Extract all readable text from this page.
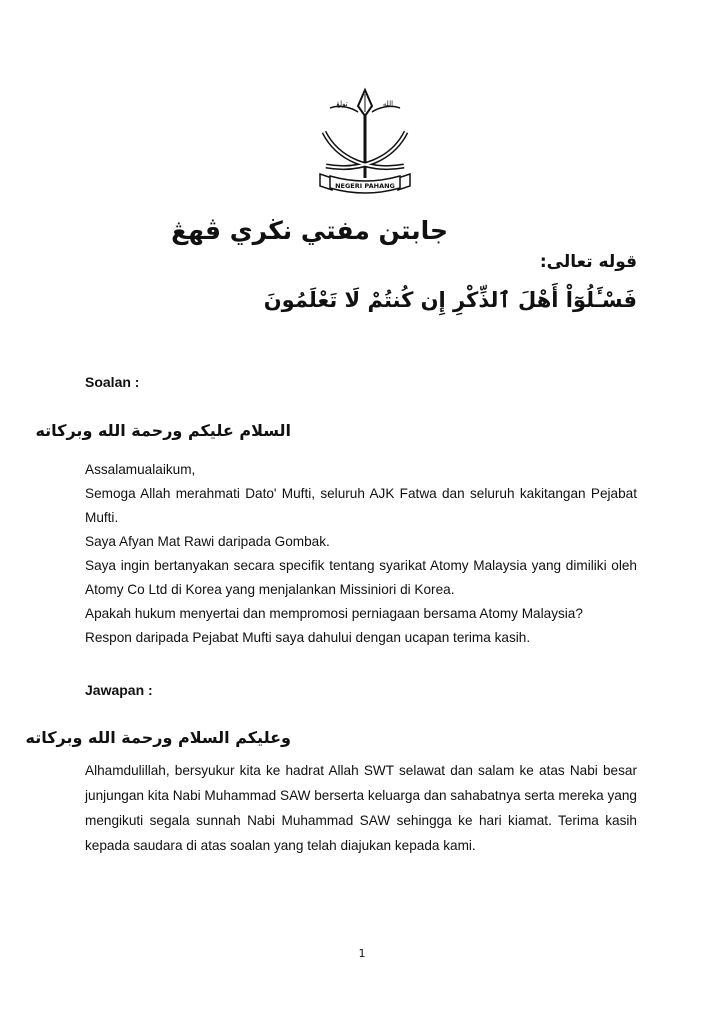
تولڠ	الله
NEGERI PAHANG
جابتن مفتي نڬري ڤهڠ
قوله تعالى:
فَسْـَٔلُوٓاْ أَهْلَ ٱلذِّكْرِ إِن كُنتُمْ لَا تَعْلَمُونَ
Soalan :
السلام عليكم ورحمة الله وبركاته

Assalamualaikum,

Semoga Allah merahmati Dato' Mufti, seluruh AJK Fatwa dan seluruh kakitangan Pejabat Mufti.

Saya Afyan Mat Rawi daripada Gombak.

Saya ingin bertanyakan secara specifik tentang syarikat Atomy Malaysia yang dimiliki oleh Atomy Co Ltd di Korea yang menjalankan Missiniori di Korea.

Apakah hukum menyertai dan mempromosi perniagaan bersama Atomy Malaysia?

Respon daripada Pejabat Mufti saya dahului dengan ucapan terima kasih.

Jawapan :
وعليكم السلام ورحمة الله وبركاته

Alhamdulillah, bersyukur kita ke hadrat Allah SWT selawat dan salam ke atas Nabi besar junjungan kita Nabi Muhammad SAW berserta keluarga dan sahabatnya serta mereka yang mengikuti segala sunnah Nabi Muhammad SAW sehingga ke hari kiamat. Terima kasih kepada saudara di atas soalan yang telah diajukan kepada kami.

1
